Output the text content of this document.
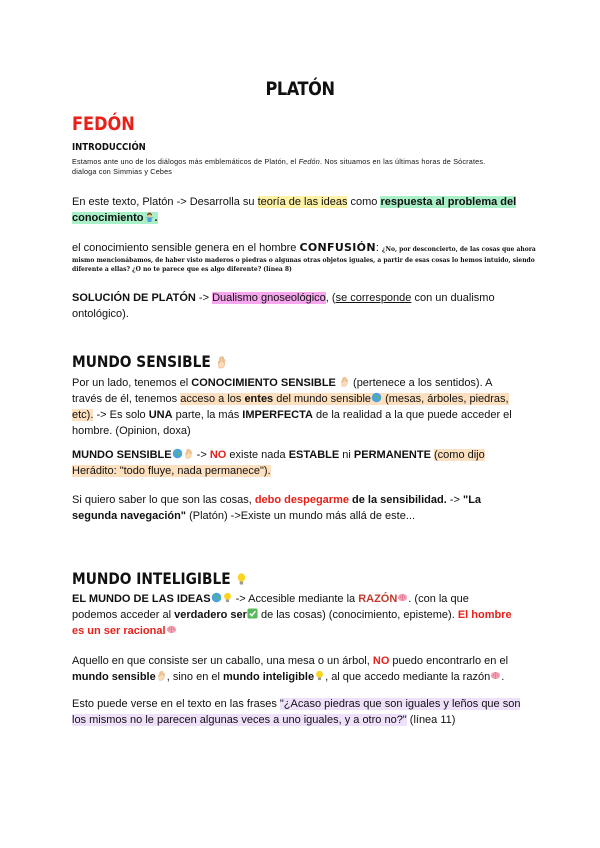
PLATÓN
FEDÓN
INTRODUCCIÓN
Estamos ante uno de los diálogos más emblemáticos de Platón, el Fedón. Nos situamos en las últimas horas de Sócrates.
dialoga con Simmias y Cebes
En este texto, Platón -> Desarrolla su teoría de las ideas como respuesta al problema del
conocimiento .
el conocimiento sensible genera en el hombre CONFUSIÓN: ¿No, por desconcierto, de las cosas que ahora
mismo mencionábamos, de haber visto maderos o piedras o algunas otras objetos iguales, a partir de esas cosas lo hemos intuido, siendo
diferente a ellas? ¿O no te parece que es algo diferente? (línea 8)
SOLUCIÓN DE PLATÓN -> Dualismo gnoseológico, (se corresponde con un dualismo
ontológico).
MUNDO SENSIBLE
Por un lado, tenemos el CONOCIMIENTO SENSIBLE  (pertenece a los sentidos). A
través de él, tenemos acceso a los entes del mundo sensible (mesas, árboles, piedras,
etc). -> Es solo UNA parte, la más IMPERFECTA de la realidad a la que puede acceder el
hombre. (Opinion, doxa)
MUNDO SENSIBLE -> NO existe nada ESTABLE ni PERMANENTE (como dijo
Herádito: "todo fluye, nada permanece").
Si quiero saber lo que son las cosas, debo despegarme de la sensibilidad. -> "La
segunda navegación" (Platón) ->Existe un mundo más allá de este...
MUNDO INTELIGIBLE
EL MUNDO DE LAS IDEAS -> Accesible mediante la RAZÓN . (con la que
podemos acceder al verdadero ser de las cosas) (conocimiento, episteme). El hombre
es un ser racional
Aquello en que consiste ser un caballo, una mesa o un árbol, NO puedo encontrarlo en el
mundo sensible , sino en el mundo inteligible , al que accedo mediante la razón .
Esto puede verse en el texto en las frases "¿Acaso piedras que son iguales y leños que son
los mismos no le parecen algunas veces a uno iguales, y a otro no?" (línea 11)
